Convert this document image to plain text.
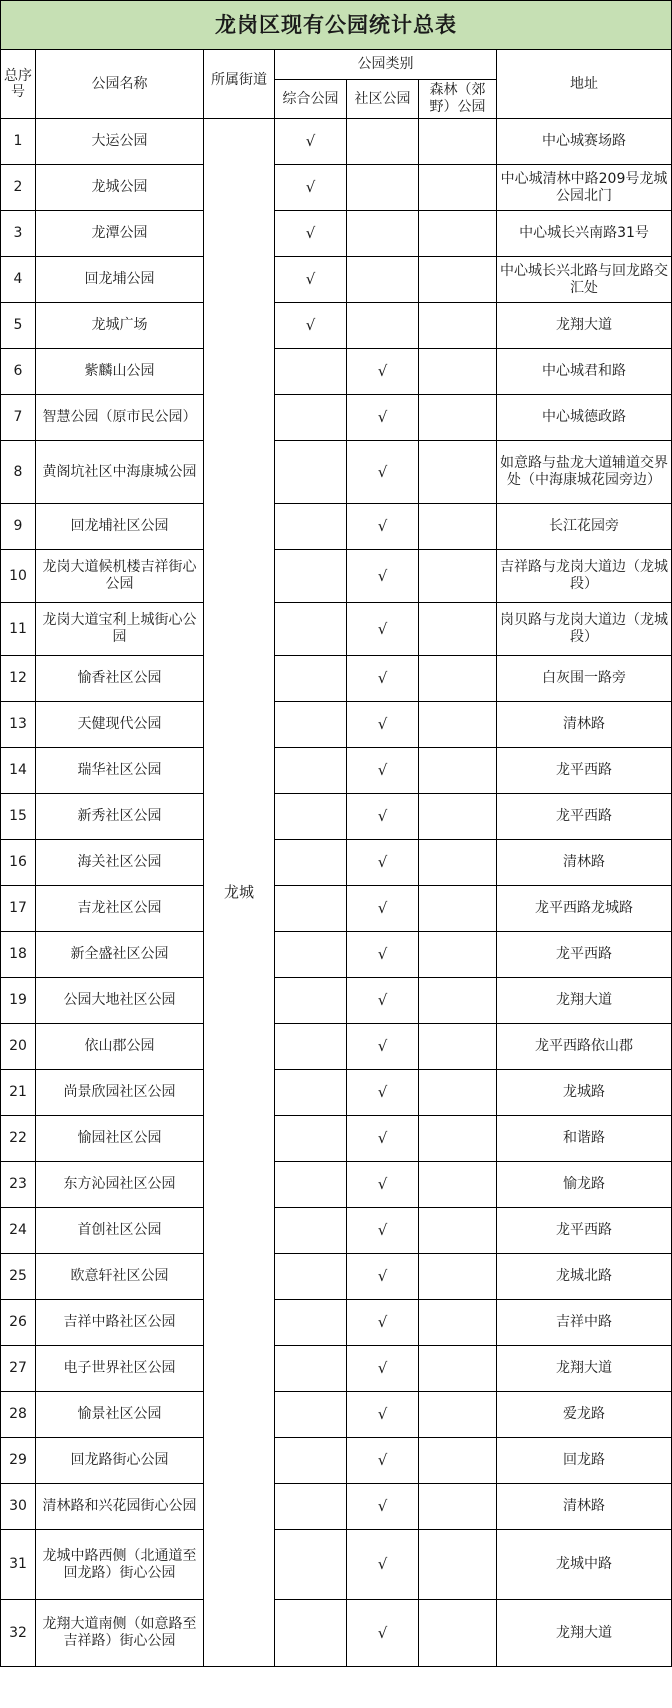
龙岗区现有公园统计总表						
总序号	公园名称	所属街道	公园类别			地址
			综合公园	社区公园	森林（郊野）公园	
1	大运公园	龙城	√			中心城赛场路
2	龙城公园		√			中心城清林中路209号龙城公园北门
3	龙潭公园		√			中心城长兴南路31号
4	回龙埔公园		√			中心城长兴北路与回龙路交汇处
5	龙城广场		√			龙翔大道
6	紫麟山公园			√		中心城君和路
7	智慧公园（原市民公园）			√		中心城德政路
8	黄阁坑社区中海康城公园			√		如意路与盐龙大道辅道交界处（中海康城花园旁边）
9	回龙埔社区公园			√		长江花园旁
10	龙岗大道候机楼吉祥街心公园			√		吉祥路与龙岗大道边（龙城段）
11	龙岗大道宝利上城街心公园			√		岗贝路与龙岗大道边（龙城段）
12	愉香社区公园			√		白灰围一路旁
13	天健现代公园			√		清林路
14	瑞华社区公园			√		龙平西路
15	新秀社区公园			√		龙平西路
16	海关社区公园			√		清林路
17	吉龙社区公园			√		龙平西路龙城路
18	新全盛社区公园			√		龙平西路
19	公园大地社区公园			√		龙翔大道
20	依山郡公园			√		龙平西路依山郡
21	尚景欣园社区公园			√		龙城路
22	愉园社区公园			√		和谐路
23	东方沁园社区公园			√		愉龙路
24	首创社区公园			√		龙平西路
25	欧意轩社区公园			√		龙城北路
26	吉祥中路社区公园			√		吉祥中路
27	电子世界社区公园			√		龙翔大道
28	愉景社区公园			√		爱龙路
29	回龙路街心公园			√		回龙路
30	清林路和兴花园街心公园			√		清林路
31	龙城中路西侧（北通道至回龙路）街心公园			√		龙城中路
32	龙翔大道南侧（如意路至吉祥路）街心公园			√		龙翔大道
